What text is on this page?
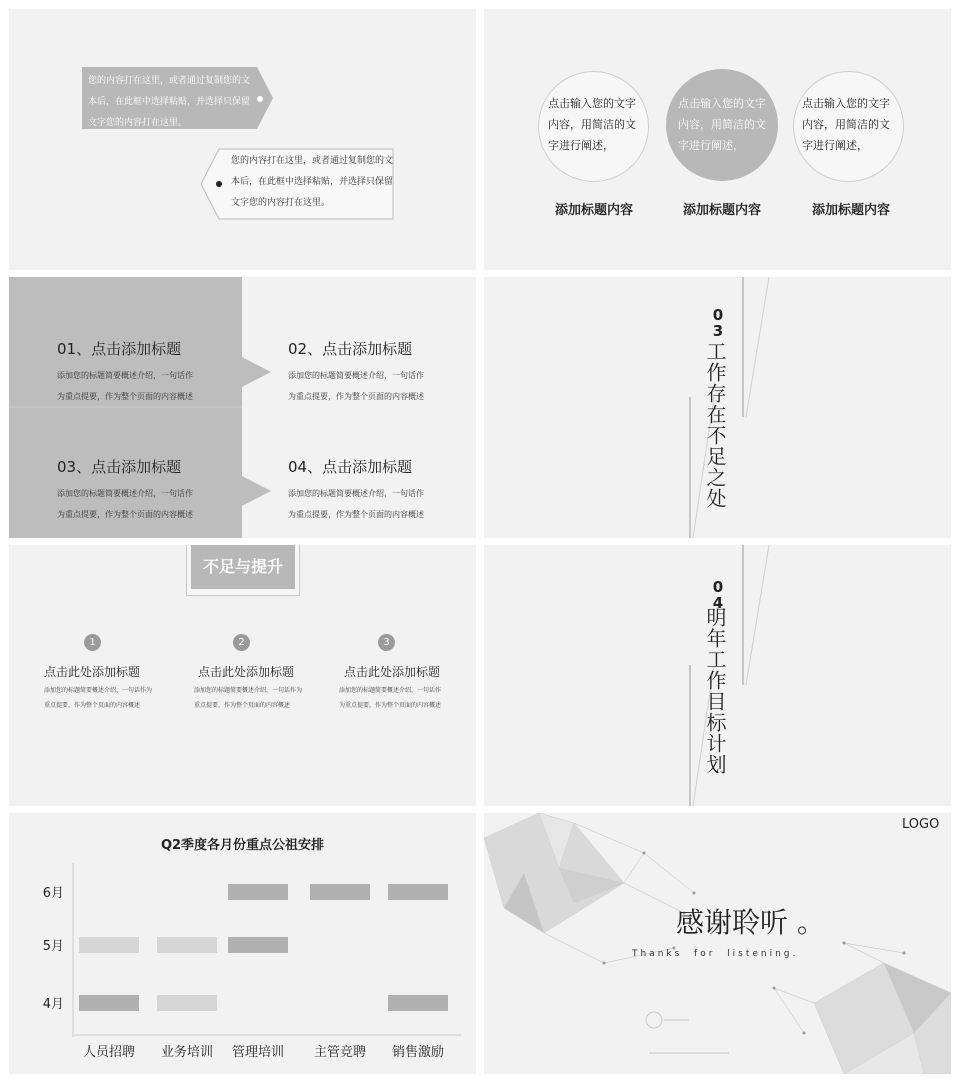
您的内容打在这里，或者通过复制您的文本后，在此框中选择粘贴，并选择只保留文字您的内容打在这里。
您的内容打在这里，或者通过复制您的文本后，在此框中选择粘贴，并选择只保留文字您的内容打在这里。
点击输入您的文字内容，用简洁的文字进行阐述，
点击输入您的文字内容，用简洁的文字进行阐述，
点击输入您的文字内容，用简洁的文字进行阐述，
添加标题内容	添加标题内容	添加标题内容
01、点击添加标题
添加您的标题简要概述介绍，一句话作
为重点提要，作为整个页面的内容概述
02、点击添加标题
添加您的标题简要概述介绍，一句话作
为重点提要，作为整个页面的内容概述
03、点击添加标题
添加您的标题简要概述介绍，一句话作
为重点提要，作为整个页面的内容概述
04、点击添加标题
添加您的标题简要概述介绍，一句话作
为重点提要，作为整个页面的内容概述
03
工作存在不足之处
不足与提升
1	2	3
点击此处添加标题
添加您的标题简要概述介绍，一句话作为
重点提要，作为整个页面的内容概述
点击此处添加标题
添加您的标题简要概述介绍，一句话作为
重点提要，作为整个页面的内容概述
点击此处添加标题
添加您的标题简要概述介绍，一句话作
为重点提要，作为整个页面的内容概述
04
明年工作目标计划
Q2季度各月份重点公祖安排
4月
5月
6月
人员招聘 业务培训 管理培训 主管竞聘 销售激励
LOGO
感谢聆听 。
Thanks  for  listening.
